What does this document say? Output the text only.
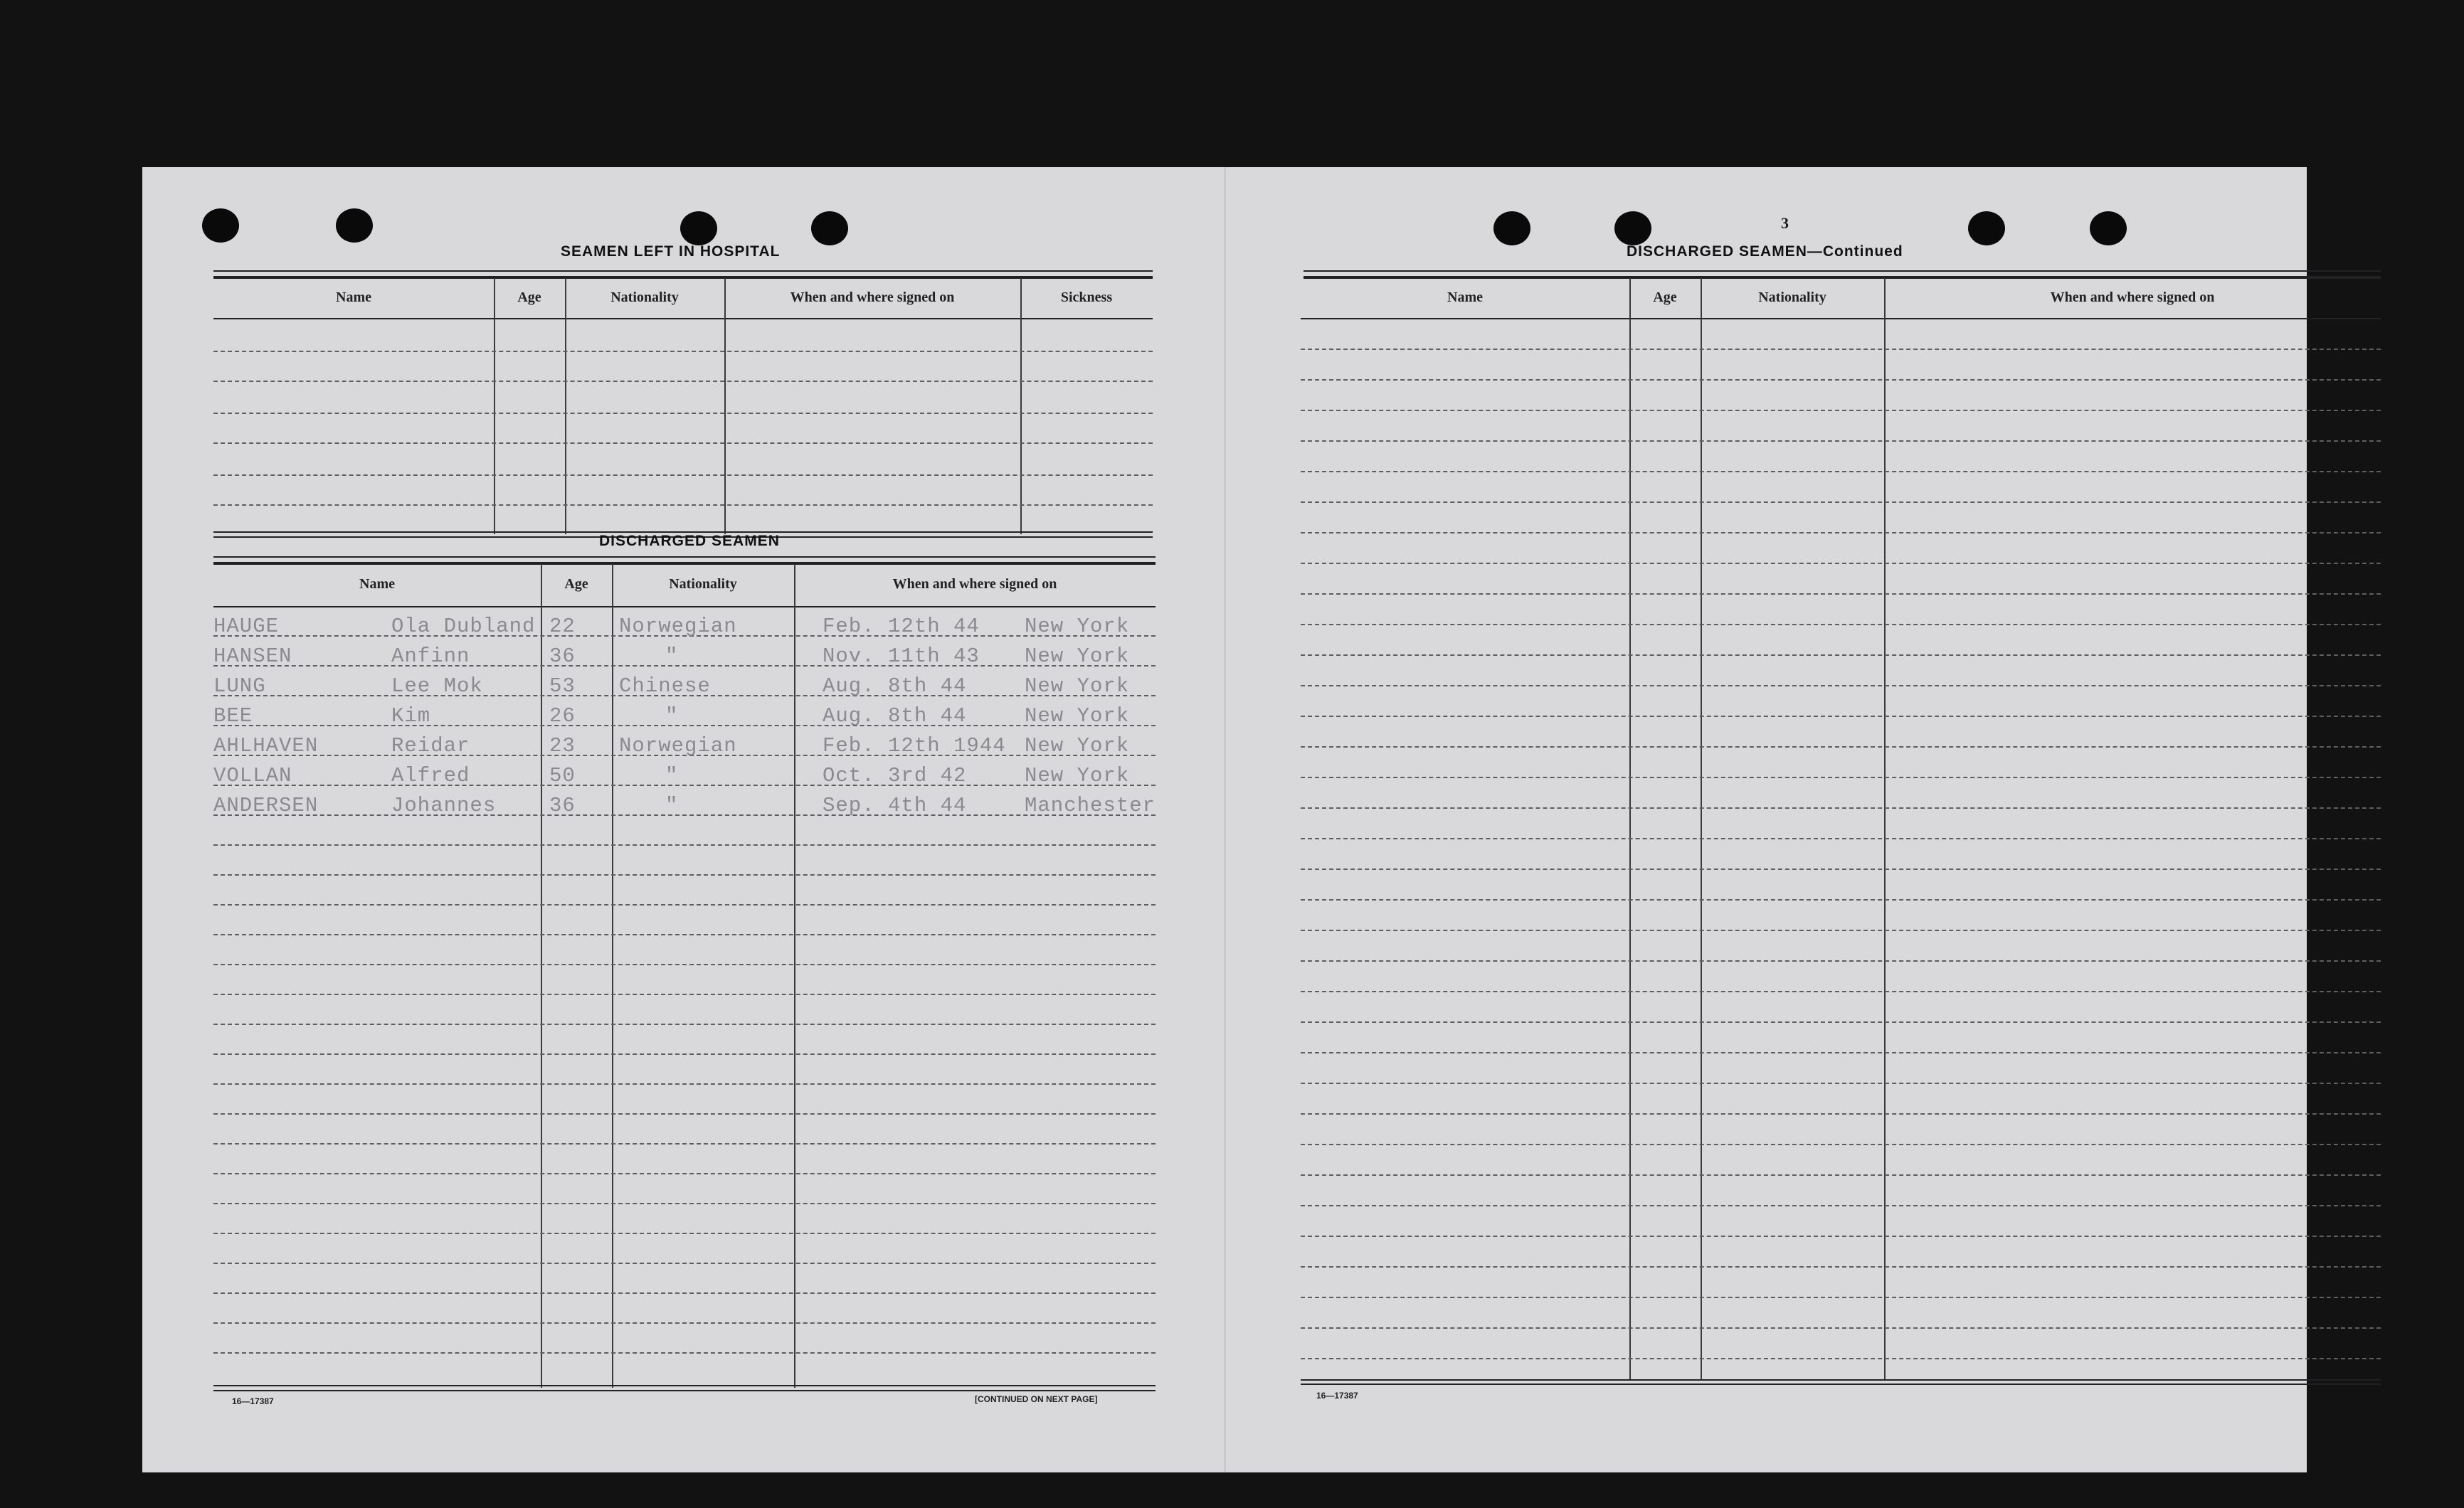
SEAMEN LEFT IN HOSPITAL
Name	Age	Nationality	When and where signed on	Sickness
DISCHARGED SEAMEN
Name	Age	Nationality	When and where signed on
HAUGE	Ola Dubland 22 Norwegian	Feb. 12th 44 New York
HANSEN	Anfinn	36	"	Nov. 11th 43 New York
LUNG	Lee Mok	53 Chinese	Aug. 8th 44	New York
BEE	Kim	26	"	Aug. 8th 44	New York
AHLHAVEN	Reidar	23 Norwegian	Feb. 12th 1944 New York
VOLLAN	Alfred	50	"	Oct. 3rd 42	New York
ANDERSEN	Johannes	36	"	Sep. 4th 44	Manchester
16—17387	[CONTINUED ON NEXT PAGE]
3
DISCHARGED SEAMEN—Continued
Name	Age	Nationality	When and where signed on
16—17387
